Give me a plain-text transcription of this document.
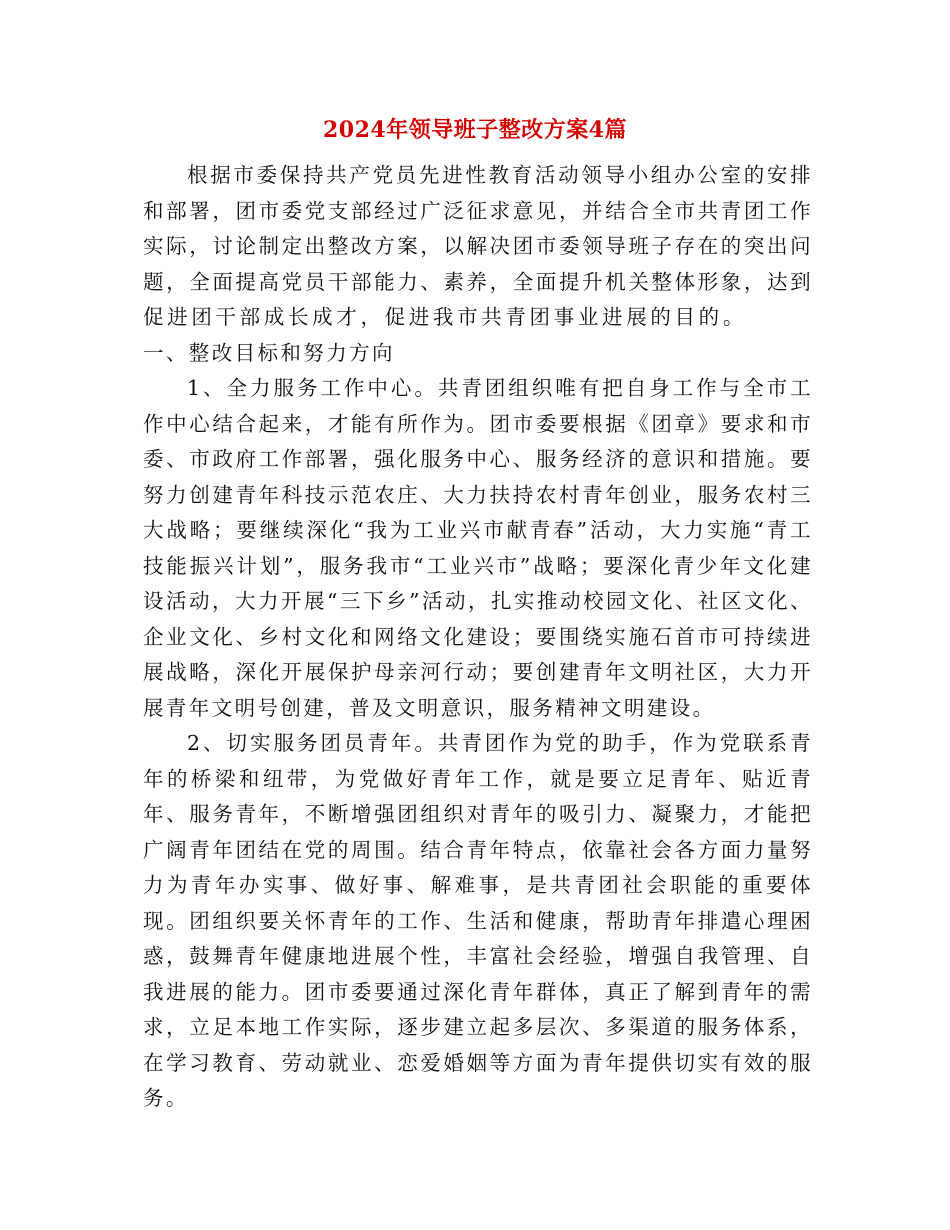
2024年领导班子整改方案4篇

根据市委保持共产党员先进性教育活动领导小组办公室的安排和部署，团市委党支部经过广泛征求意见，并结合全市共青团工作实际，讨论制定出整改方案，以解决团市委领导班子存在的突出问题，全面提高党员干部能力、素养，全面提升机关整体形象，达到促进团干部成长成才，促进我市共青团事业进展的目的。一、整改目标和努力方向

1、全力服务工作中心。共青团组织唯有把自身工作与全市工作中心结合起来，才能有所作为。团市委要根据《团章》要求和市委、市政府工作部署，强化服务中心、服务经济的意识和措施。要努力创建青年科技示范农庄、大力扶持农村青年创业，服务农村三大战略；要继续深化“我为工业兴市献青春”活动，大力实施“青工技能振兴计划”，服务我市“工业兴市”战略；要深化青少年文化建设活动，大力开展“三下乡”活动，扎实推动校园文化、社区文化、企业文化、乡村文化和网络文化建设；要围绕实施石首市可持续进展战略，深化开展保护母亲河行动；要创建青年文明社区，大力开展青年文明号创建，普及文明意识，服务精神文明建设。

2、切实服务团员青年。共青团作为党的助手，作为党联系青年的桥梁和纽带，为党做好青年工作，就是要立足青年、贴近青年、服务青年，不断增强团组织对青年的吸引力、凝聚力，才能把广阔青年团结在党的周围。结合青年特点，依靠社会各方面力量努力为青年办实事、做好事、解难事，是共青团社会职能的重要体现。团组织要关怀青年的工作、生活和健康，帮助青年排遣心理困惑，鼓舞青年健康地进展个性，丰富社会经验，增强自我管理、自我进展的能力。团市委要通过深化青年群体，真正了解到青年的需求，立足本地工作实际，逐步建立起多层次、多渠道的服务体系，在学习教育、劳动就业、恋爱婚姻等方面为青年提供切实有效的服务。
